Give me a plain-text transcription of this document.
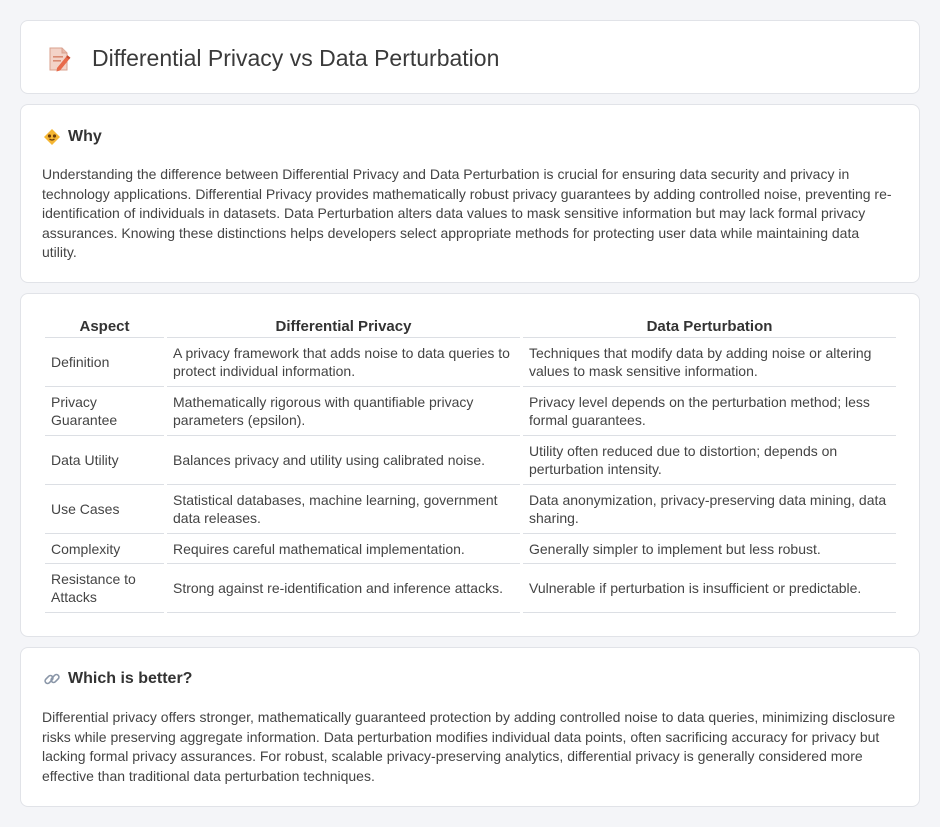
Differential Privacy vs Data Perturbation
Why

Understanding the difference between Differential Privacy and Data Perturbation is crucial for ensuring data security and privacy in technology applications. Differential Privacy provides mathematically robust privacy guarantees by adding controlled noise, preventing re-identification of individuals in datasets. Data Perturbation alters data values to mask sensitive information but may lack formal privacy assurances. Knowing these distinctions helps developers select appropriate methods for protecting user data while maintaining data utility.

Aspect	Differential Privacy	Data Perturbation
Definition	A privacy framework that adds noise to data queries to protect individual information.	Techniques that modify data by adding noise or altering values to mask sensitive information.
Privacy Guarantee	Mathematically rigorous with quantifiable privacy parameters (epsilon).	Privacy level depends on the perturbation method; less formal guarantees.
Data Utility	Balances privacy and utility using calibrated noise.	Utility often reduced due to distortion; depends on perturbation intensity.
Use Cases	Statistical databases, machine learning, government data releases.	Data anonymization, privacy-preserving data mining, data sharing.
Complexity	Requires careful mathematical implementation.	Generally simpler to implement but less robust.
Resistance to Attacks	Strong against re-identification and inference attacks.	Vulnerable if perturbation is insufficient or predictable.
Which is better?

Differential privacy offers stronger, mathematically guaranteed protection by adding controlled noise to data queries, minimizing disclosure risks while preserving aggregate information. Data perturbation modifies individual data points, often sacrificing accuracy for privacy but lacking formal privacy assurances. For robust, scalable privacy-preserving analytics, differential privacy is generally considered more effective than traditional data perturbation techniques.
